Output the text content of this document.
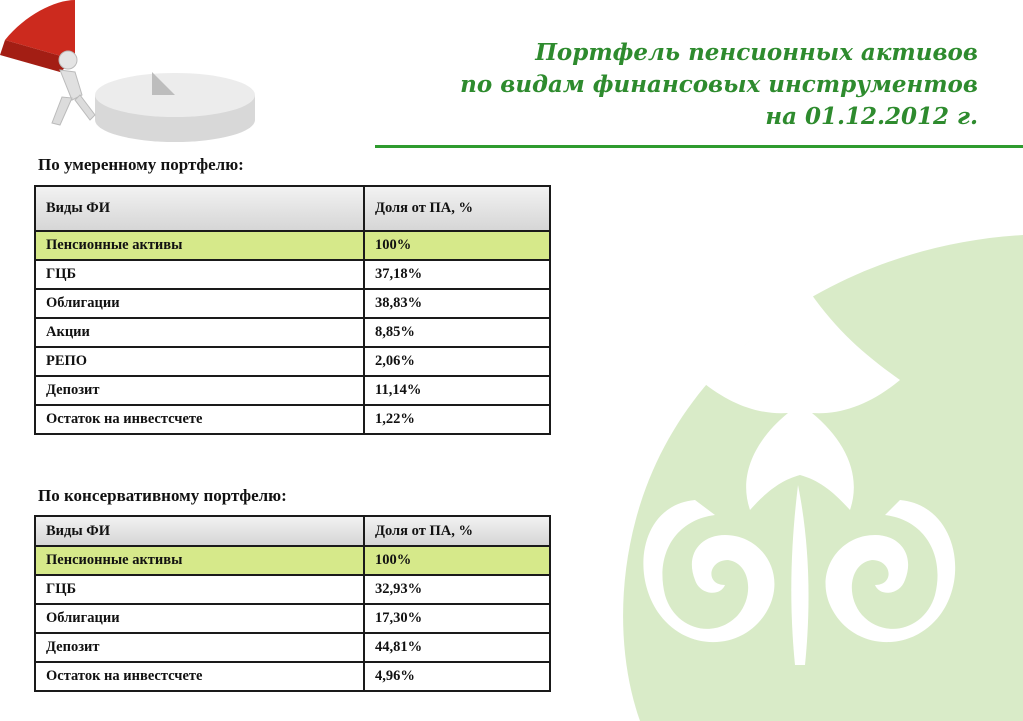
Портфель пенсионных активов
по видам финансовых инструментов
на 01.12.2012 г.
По умеренному портфелю:
Виды ФИ	Доля от ПА, %
Пенсионные активы	100%
ГЦБ	37,18%
Облигации	38,83%
Акции	8,85%
РЕПО	2,06%
Депозит	11,14%
Остаток на инвестсчете	1,22%
По консервативному портфелю:
Виды ФИ	Доля от ПА, %
Пенсионные активы	100%
ГЦБ	32,93%
Облигации	17,30%
Депозит	44,81%
Остаток на инвестсчете	4,96%
